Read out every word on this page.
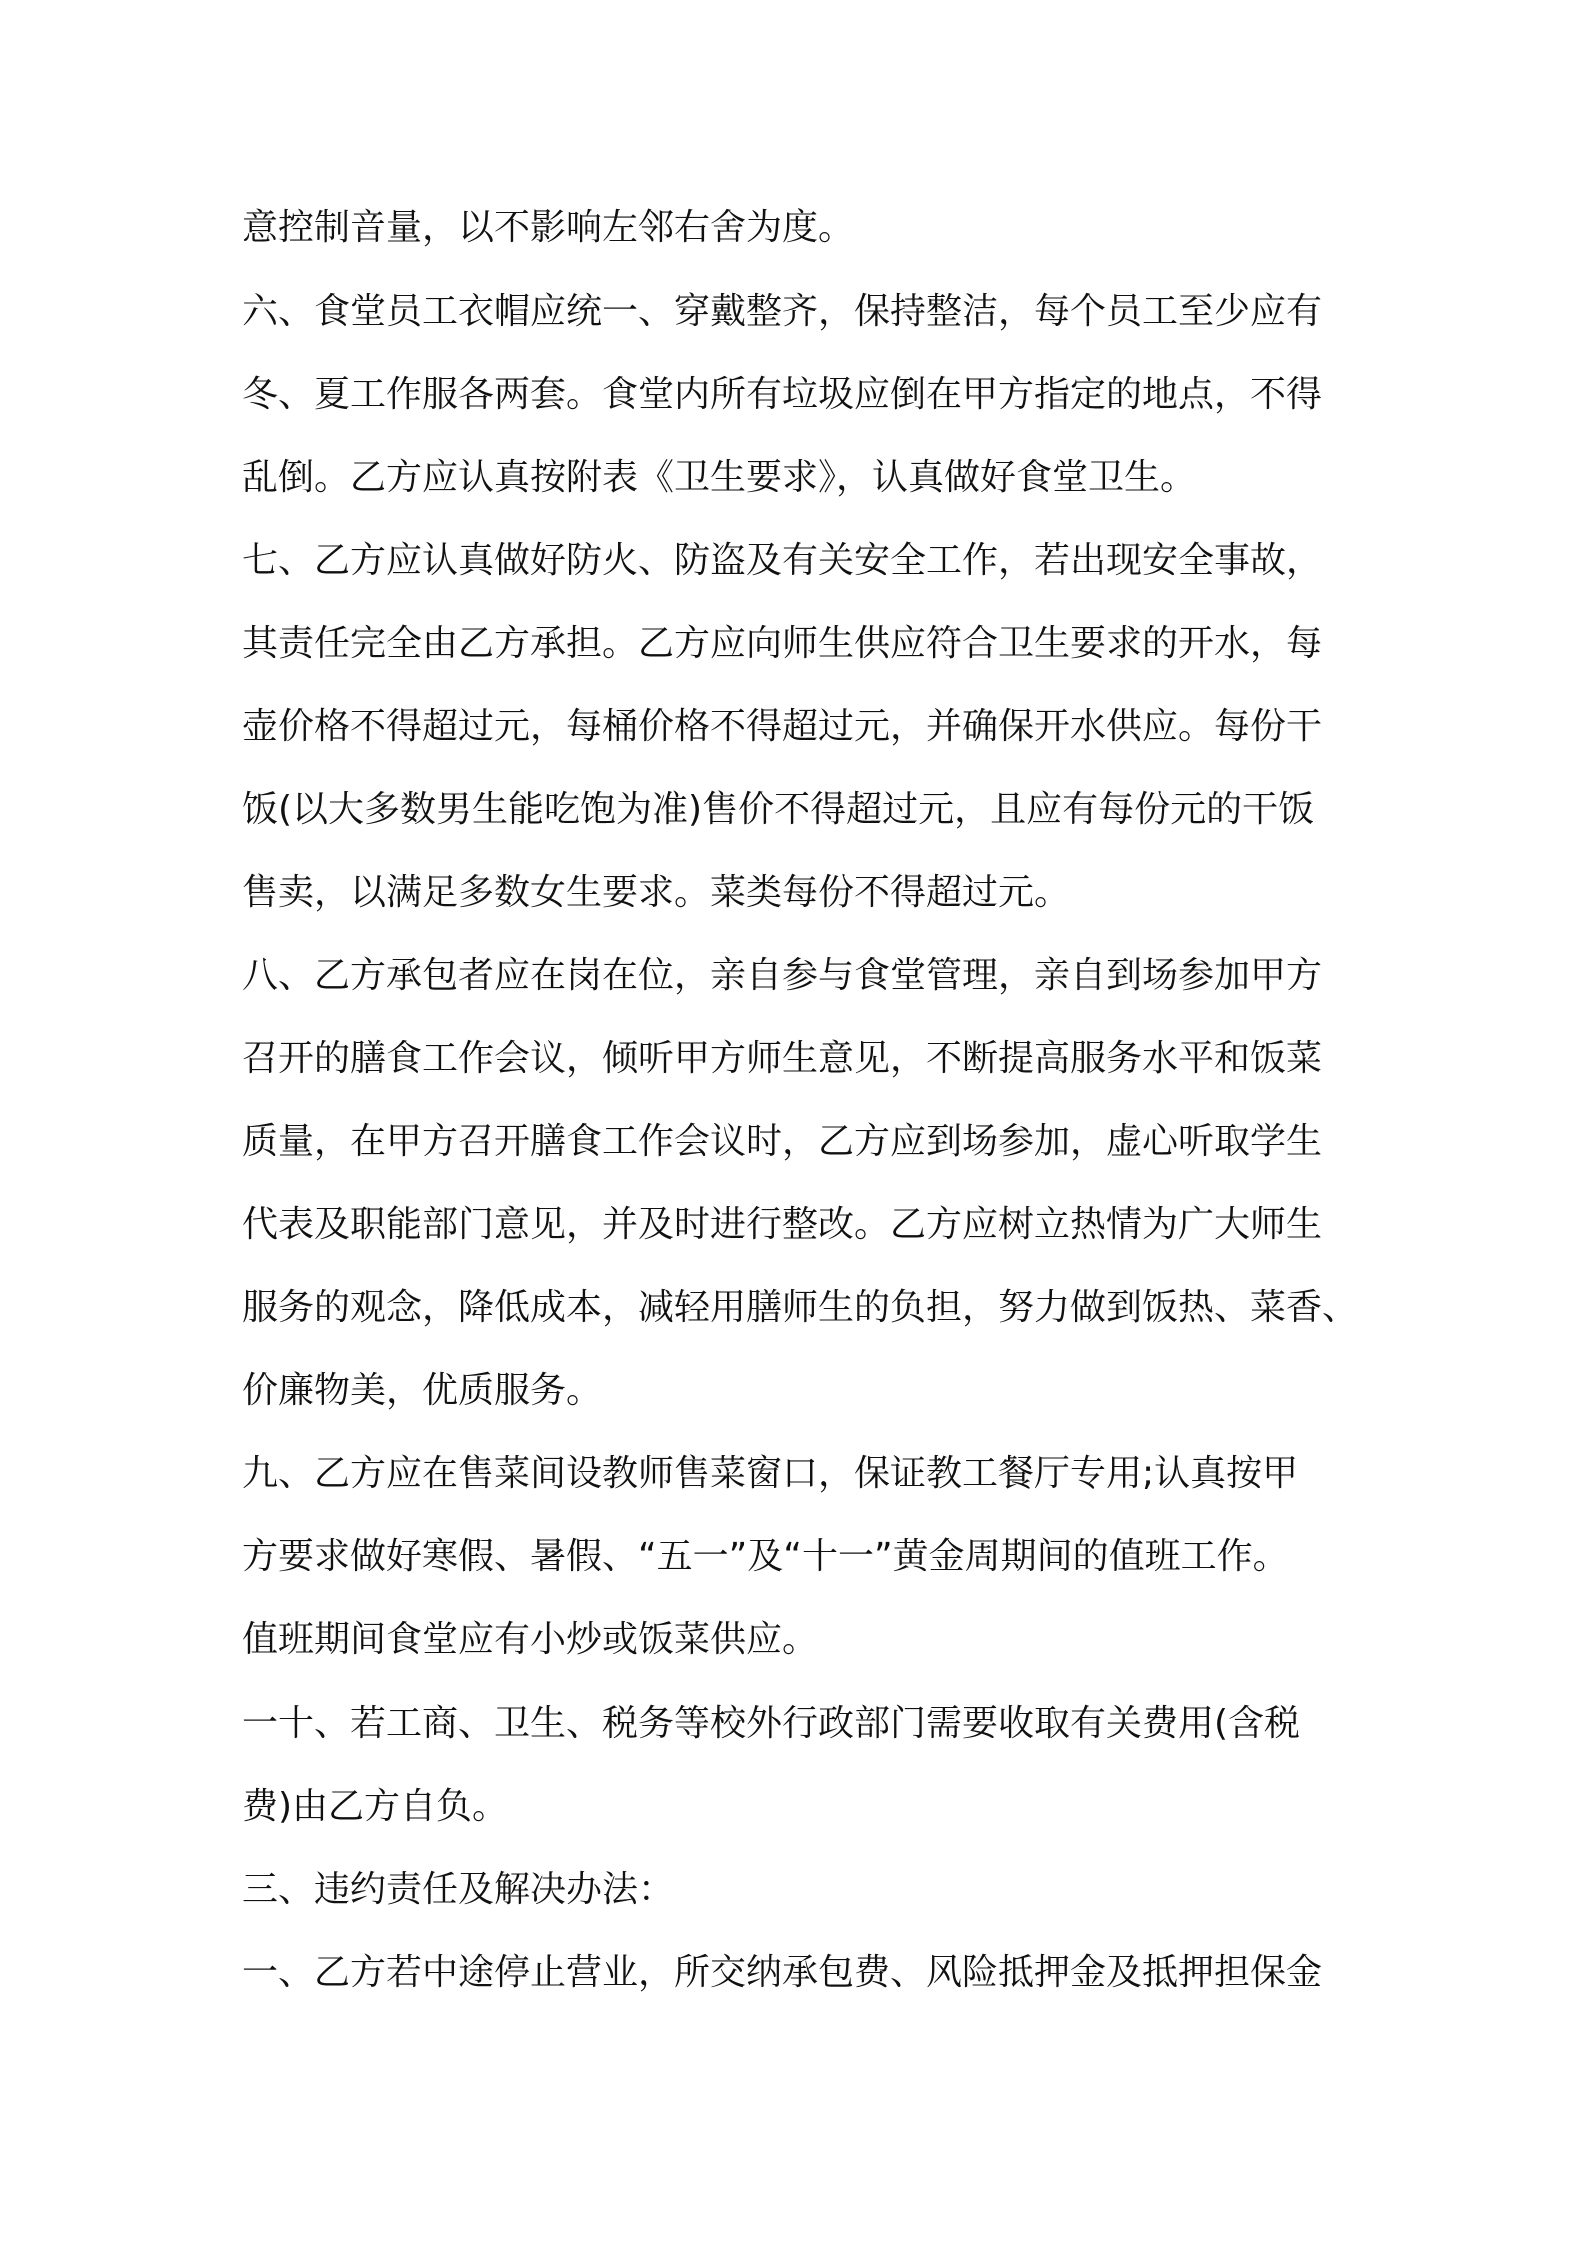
意控制音量，以不影响左邻右舍为度。
六、食堂员工衣帽应统一、穿戴整齐，保持整洁，每个员工至少应有
冬、夏工作服各两套。食堂内所有垃圾应倒在甲方指定的地点，不得
乱倒。乙方应认真按附表《卫生要求》，认真做好食堂卫生。
七、乙方应认真做好防火、防盗及有关安全工作，若出现安全事故，
其责任完全由乙方承担。乙方应向师生供应符合卫生要求的开水，每
壶价格不得超过元，每桶价格不得超过元，并确保开水供应。每份干
饭(以大多数男生能吃饱为准)售价不得超过元，且应有每份元的干饭
售卖，以满足多数女生要求。菜类每份不得超过元。
八、乙方承包者应在岗在位，亲自参与食堂管理，亲自到场参加甲方
召开的膳食工作会议，倾听甲方师生意见，不断提高服务水平和饭菜
质量，在甲方召开膳食工作会议时，乙方应到场参加，虚心听取学生
代表及职能部门意见，并及时进行整改。乙方应树立热情为广大师生
服务的观念，降低成本，减轻用膳师生的负担，努力做到饭热、菜香、
价廉物美，优质服务。
九、乙方应在售菜间设教师售菜窗口，保证教工餐厅专用;认真按甲
方要求做好寒假、暑假、“五一”及“十一”黄金周期间的值班工作。
值班期间食堂应有小炒或饭菜供应。
一十、若工商、卫生、税务等校外行政部门需要收取有关费用(含税
费)由乙方自负。
三、违约责任及解决办法：
一、乙方若中途停止营业，所交纳承包费、风险抵押金及抵押担保金
